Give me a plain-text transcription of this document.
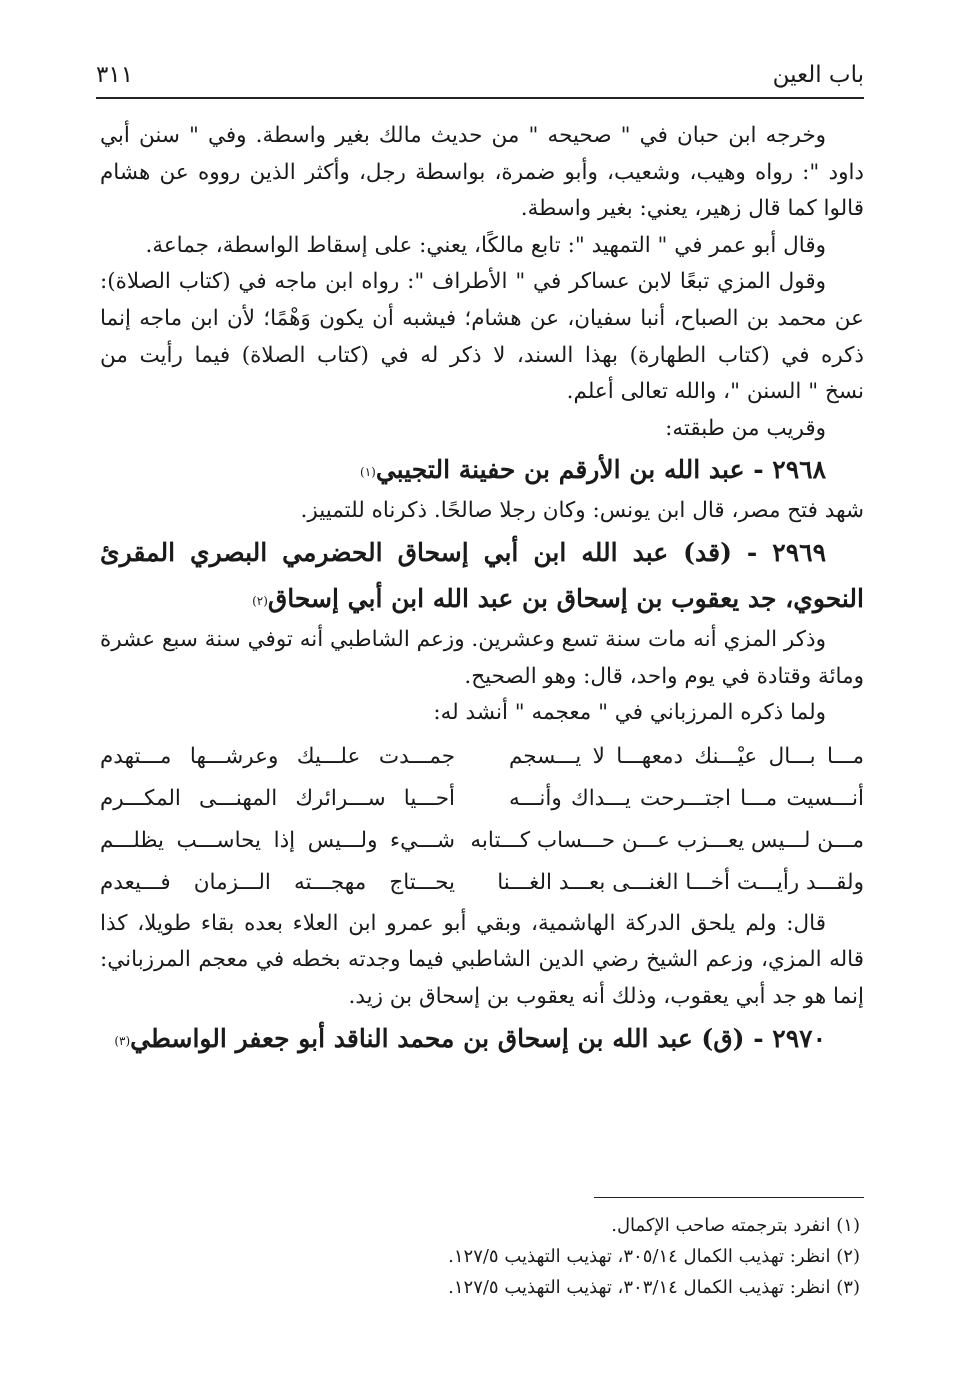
باب العين
٣١١
وخرجه ابن حبان في " صحيحه " من حديث مالك بغير واسطة. وفي " سنن أبي
داود ": رواه وهيب، وشعيب، وأبو ضمرة، بواسطة رجل، وأكثر الذين رووه عن هشام
قالوا كما قال زهير، يعني: بغير واسطة.
وقال أبو عمر في " التمهيد ": تابع مالكًا، يعني: على إسقاط الواسطة، جماعة.
وقول المزي تبعًا لابن عساكر في " الأطراف ": رواه ابن ماجه في (كتاب الصلاة):
عن محمد بن الصباح، أنبا سفيان، عن هشام؛ فيشبه أن يكون وَهْمًا؛ لأن ابن ماجه إنما
ذكره في (كتاب الطهارة) بهذا السند، لا ذكر له في (كتاب الصلاة) فيما رأيت من
نسخ " السنن "، والله تعالى أعلم.
وقريب من طبقته:
٢٩٦٨ - عبد الله بن الأرقم بن حفينة التجيبي$^{(١)}$
شهد فتح مصر، قال ابن يونس: وكان رجلا صالحًا. ذكرناه للتمييز.
٢٩٦٩ - (قد) عبد الله ابن أبي إسحاق الحضرمي البصري المقرئ
النحوي، جد يعقوب بن إسحاق بن عبد الله ابن أبي إسحاق$^{(٢)}$
وذكر المزي أنه مات سنة تسع وعشرين. وزعم الشاطبي أنه توفي سنة سبع عشرة
ومائة وقتادة في يوم واحد، قال: وهو الصحيح.
ولما ذكره المرزباني في " معجمه " أنشد له:
مـــا بـــال عيْـــنك دمعهـــا لا يـــسجم
جمـــدت علـــيك وعرشـــها مـــتهدم
أنـــسيت مـــا اجتـــرحت يـــداك وأنـــه
أحـــيا ســـرائرك المهنـــى المكـــرم
مـــن لـــيس يعـــزب عـــن حـــساب كـــتابه
شـــيء ولـــيس إذا يحاســـب يظلـــم
ولقـــد رأيـــت أخـــا الغنـــى بعـــد الغـــنا
يحـــتاج مهجـــته الـــزمان فـــيعدم
قال: ولم يلحق الدركة الهاشمية، وبقي أبو عمرو ابن العلاء بعده بقاء طويلا، كذا
قاله المزي، وزعم الشيخ رضي الدين الشاطبي فيما وجدته بخطه في معجم المرزباني:
إنما هو جد أبي يعقوب، وذلك أنه يعقوب بن إسحاق بن زيد.
٢٩٧٠ - (ق) عبد الله بن إسحاق بن محمد الناقد أبو جعفر الواسطي$^{(٣)}$
(١) انفرد بترجمته صاحب الإكمال.
(٢) انظر: تهذيب الكمال ٣٠٥/١٤، تهذيب التهذيب ١٢٧/٥.
(٣) انظر: تهذيب الكمال ٣٠٣/١٤، تهذيب التهذيب ١٢٧/٥.
